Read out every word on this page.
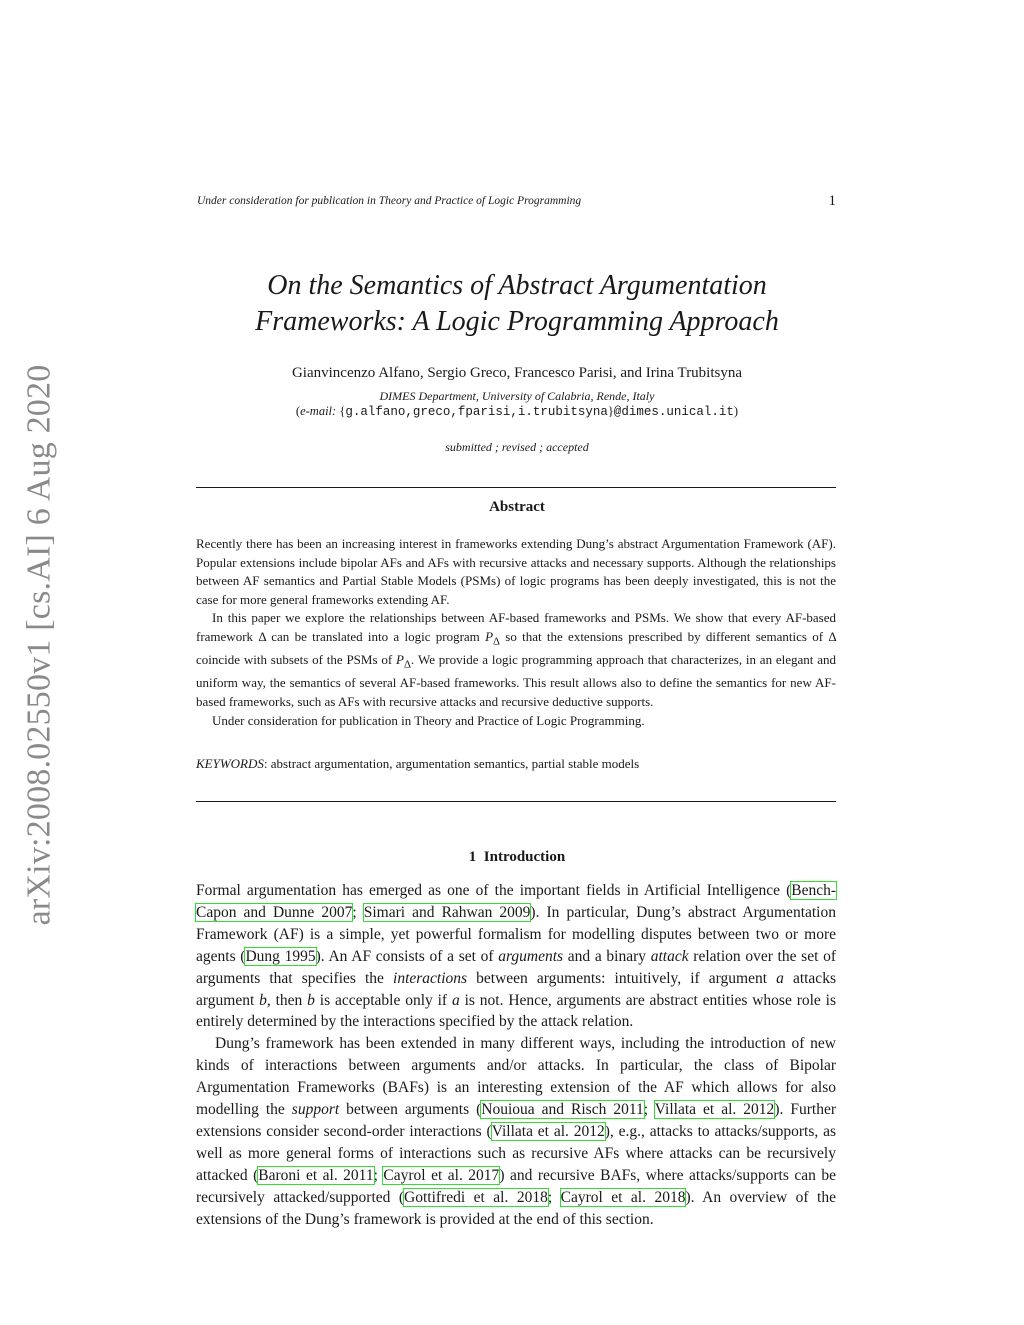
arXiv:2008.02550v1 [cs.AI] 6 Aug 2020
Under consideration for publication in Theory and Practice of Logic Programming	1
On the Semantics of Abstract Argumentation
Frameworks: A Logic Programming Approach
Gianvincenzo Alfano, Sergio Greco, Francesco Parisi, and Irina Trubitsyna
DIMES Department, University of Calabria, Rende, Italy
(e-mail: {g.alfano,greco,fparisi,i.trubitsyna}@dimes.unical.it)
submitted ; revised ; accepted
Abstract

Recently there has been an increasing interest in frameworks extending Dung’s abstract Argumentation Framework (AF). Popular extensions include bipolar AFs and AFs with recursive attacks and necessary supports. Although the relationships between AF semantics and Partial Stable Models (PSMs) of logic programs has been deeply investigated, this is not the case for more general frameworks extending AF.

In this paper we explore the relationships between AF-based frameworks and PSMs. We show that every AF-based framework Δ can be translated into a logic program $P_\Delta$ so that the extensions prescribed by different semantics of Δ coincide with subsets of the PSMs of $P_\Delta$. We provide a logic programming approach that characterizes, in an elegant and uniform way, the semantics of several AF-based frameworks. This result allows also to define the semantics for new AF-based frameworks, such as AFs with recursive attacks and recursive deductive supports.

Under consideration for publication in Theory and Practice of Logic Programming.

KEYWORDS: abstract argumentation, argumentation semantics, partial stable models
1 Introduction

Formal argumentation has emerged as one of the important fields in Artificial Intelligence (Bench-Capon and Dunne 2007; Simari and Rahwan 2009). In particular, Dung’s abstract Argumentation Framework (AF) is a simple, yet powerful formalism for modelling disputes between two or more agents (Dung 1995). An AF consists of a set of arguments and a binary attack relation over the set of arguments that specifies the interactions between arguments: intuitively, if argument a attacks argument b, then b is acceptable only if a is not. Hence, arguments are abstract entities whose role is entirely determined by the interactions specified by the attack relation.

Dung’s framework has been extended in many different ways, including the introduction of new kinds of interactions between arguments and/or attacks. In particular, the class of Bipolar Argumentation Frameworks (BAFs) is an interesting extension of the AF which allows for also modelling the support between arguments (Nouioua and Risch 2011; Villata et al. 2012). Further extensions consider second-order interactions (Villata et al. 2012), e.g., attacks to attacks/supports, as well as more general forms of interactions such as recursive AFs where attacks can be recursively attacked (Baroni et al. 2011; Cayrol et al. 2017) and recursive BAFs, where attacks/supports can be recursively attacked/supported (Gottifredi et al. 2018; Cayrol et al. 2018). An overview of the extensions of the Dung’s framework is provided at the end of this section.
